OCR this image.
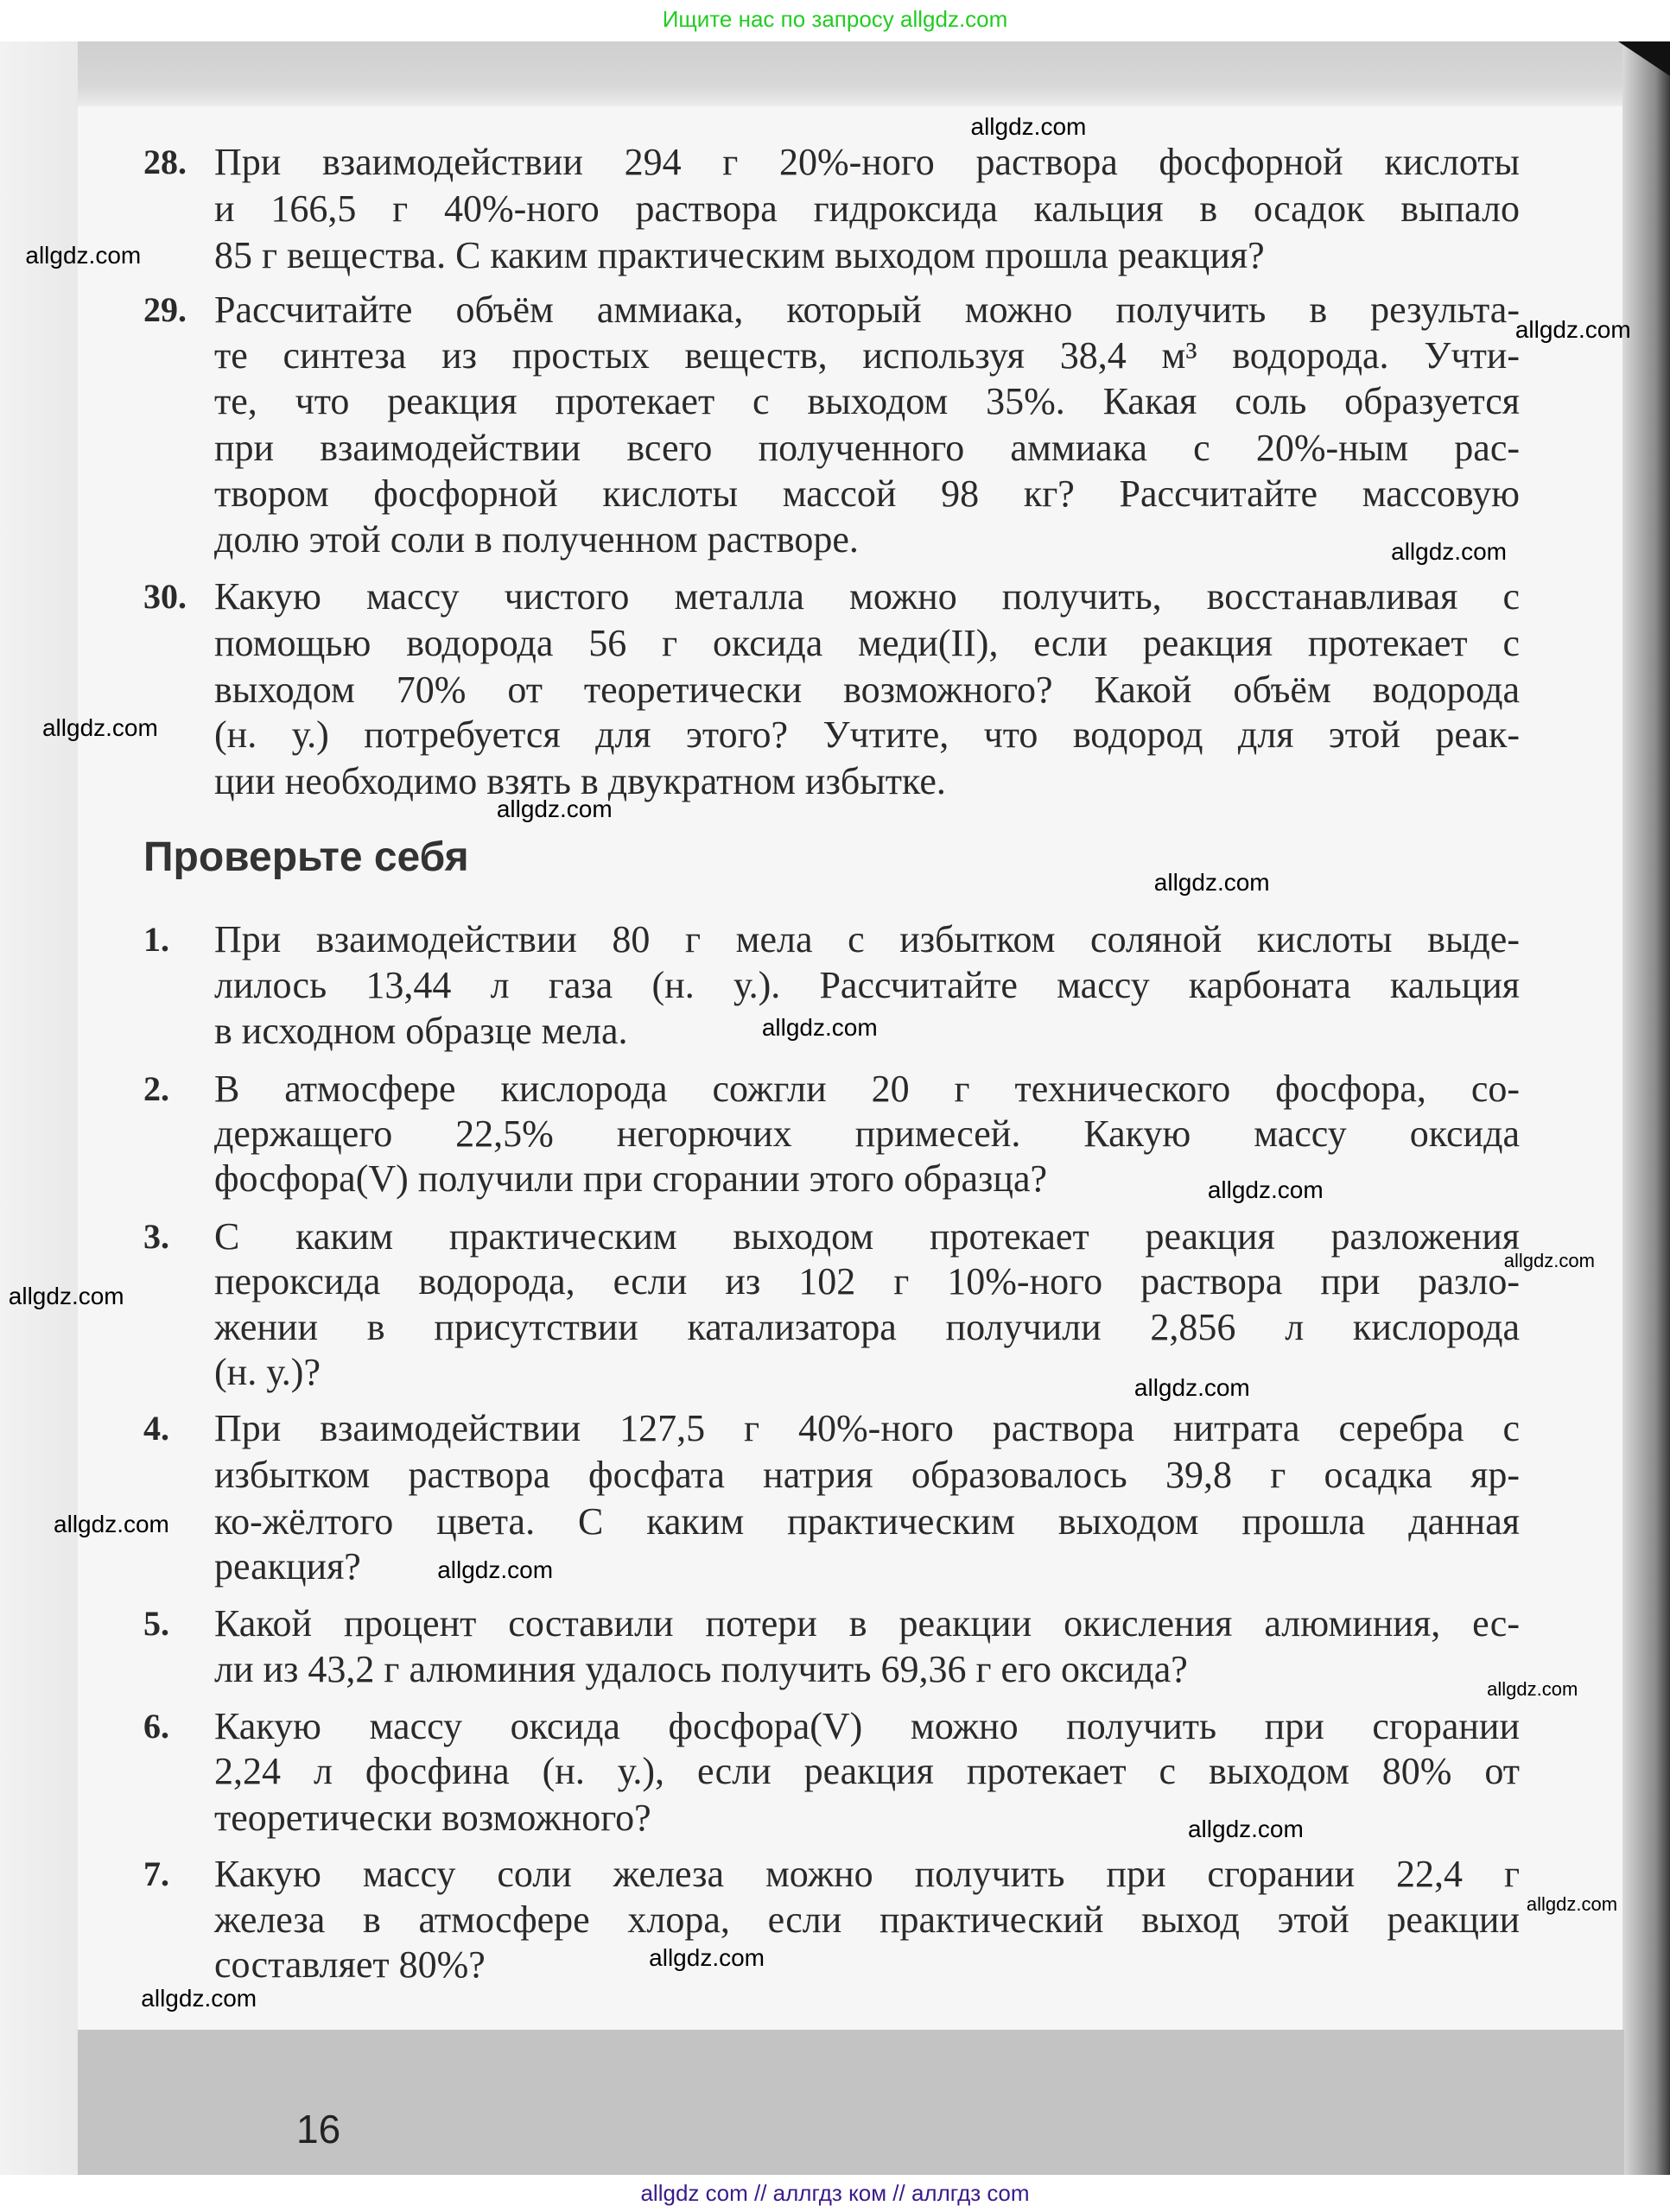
Ищите нас по запросу allgdz.com
16
Проверьте себя
28. При взаимодействии 294 г 20%-ного раствора фосфорной кислоты
и 166,5 г 40%-ного раствора гидроксида кальция в осадок выпало
85 г вещества. С каким практическим выходом прошла реакция?
29. Рассчитайте объём аммиака, который можно получить в результа-
те синтеза из простых веществ, используя 38,4 м³ водорода. Учти-
те, что реакция протекает с выходом 35%. Какая соль образуется
при взаимодействии всего полученного аммиака с 20%-ным рас-
твором фосфорной кислоты массой 98 кг? Рассчитайте массовую
долю этой соли в полученном растворе.
30. Какую массу чистого металла можно получить, восстанавливая с
помощью водорода 56 г оксида меди(II), если реакция протекает с
выходом 70% от теоретически возможного? Какой объём водорода
(н. у.) потребуется для этого? Учтите, что водород для этой реак-
ции необходимо взять в двукратном избытке.
1. При взаимодействии 80 г мела с избытком соляной кислоты выде-
лилось 13,44 л газа (н. у.). Рассчитайте массу карбоната кальция
в исходном образце мела.
2. В атмосфере кислорода сожгли 20 г технического фосфора, со-
держащего 22,5% негорючих примесей. Какую массу оксида
фосфора(V) получили при сгорании этого образца?
3. С каким практическим выходом протекает реакция разложения
пероксида водорода, если из 102 г 10%-ного раствора при разло-
жении в присутствии катализатора получили 2,856 л кислорода
(н. у.)?
4. При взаимодействии 127,5 г 40%-ного раствора нитрата серебра с
избытком раствора фосфата натрия образовалось 39,8 г осадка яр-
ко-жёлтого цвета. С каким практическим выходом прошла данная
реакция?
5. Какой процент составили потери в реакции окисления алюминия, ес-
ли из 43,2 г алюминия удалось получить 69,36 г его оксида?
6. Какую массу оксида фосфора(V) можно получить при сгорании
2,24 л фосфина (н. у.), если реакция протекает с выходом 80% от
теоретически возможного?
7. Какую массу соли железа можно получить при сгорании 22,4 г
железа в атмосфере хлора, если практический выход этой реакции
составляет 80%?
allgdz.com
allgdz.com
allgdz.com
allgdz.com
allgdz.com
allgdz.com
allgdz.com
allgdz.com
allgdz.com
allgdz.com
allgdz.com
allgdz.com
allgdz.com
allgdz.com
allgdz.com
allgdz.com
allgdz.com
allgdz.com
allgdz.com
allgdz com // аллгдз ком // аллгдз com
